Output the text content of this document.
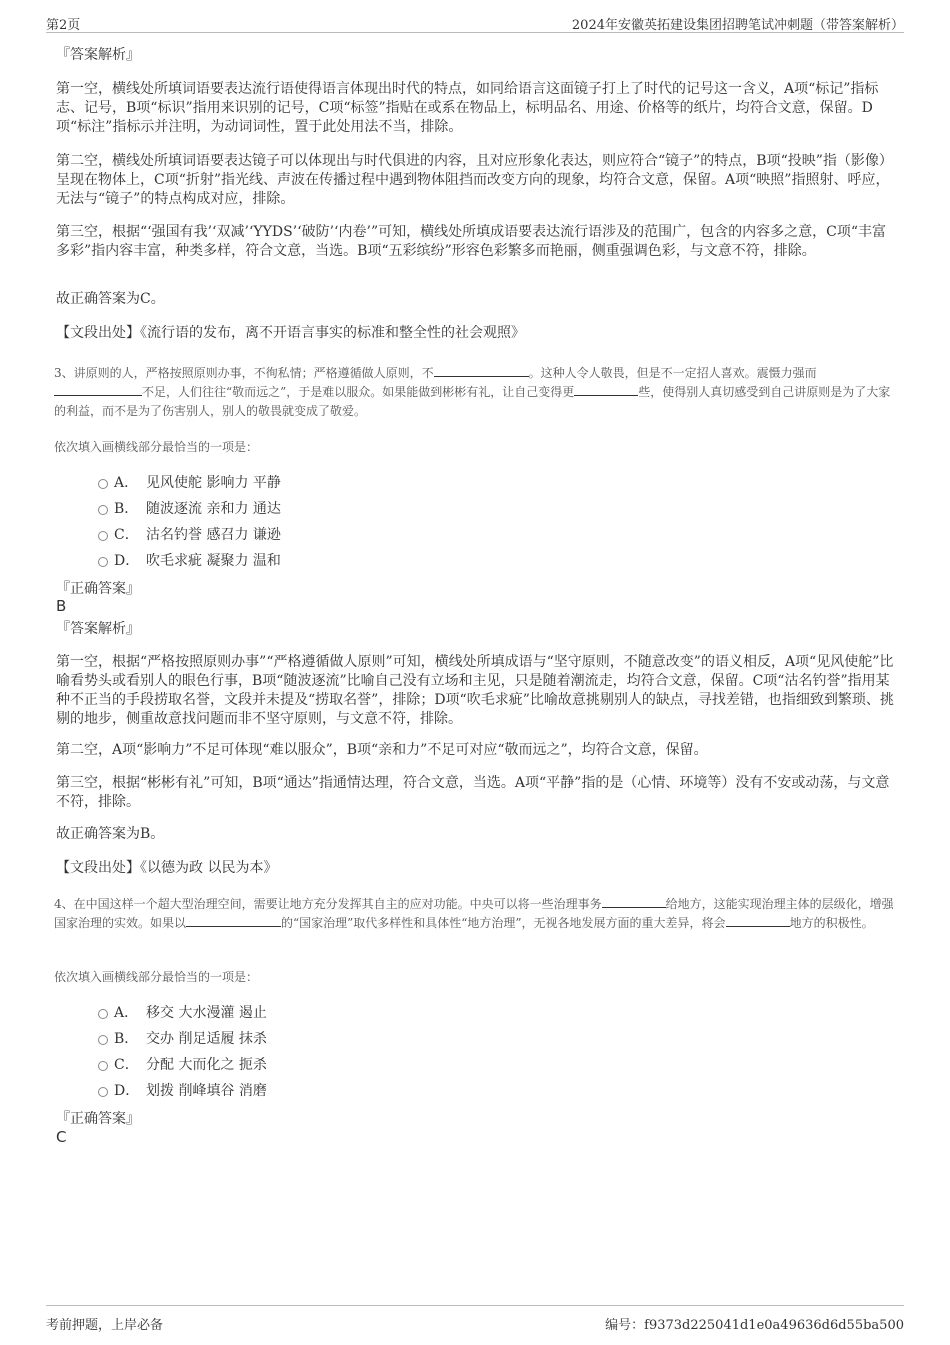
第2页	2024年安徽英拓建设集团招聘笔试冲刺题（带答案解析）
『答案解析』

第一空，横线处所填词语要表达流行语使得语言体现出时代的特点，如同给语言这面镜子打上了时代的记号这一含义，A项“标记”指标志、记号，B项“标识”指用来识别的记号，C项“标签”指贴在或系在物品上，标明品名、用途、价格等的纸片，均符合文意，保留。D项“标注”指标示并注明，为动词词性，置于此处用法不当，排除。

第二空，横线处所填词语要表达镜子可以体现出与时代俱进的内容，且对应形象化表达，则应符合“镜子”的特点，B项“投映”指（影像）呈现在物体上，C项“折射”指光线、声波在传播过程中遇到物体阻挡而改变方向的现象，均符合文意，保留。A项“映照”指照射、呼应，无法与“镜子”的特点构成对应，排除。

第三空，根据“‘强国有我’‘双减’‘YYDS’‘破防’‘内卷’”可知，横线处所填成语要表达流行语涉及的范围广，包含的内容多之意，C项“丰富多彩”指内容丰富，种类多样，符合文意，当选。B项“五彩缤纷”形容色彩繁多而艳丽，侧重强调色彩，与文意不符，排除。

故正确答案为C。

【文段出处】《流行语的发布，离不开语言事实的标准和整全性的社会观照》

3、讲原则的人，严格按照原则办事，不徇私情；严格遵循做人原则，不	。这种人令人敬畏，但是不一定招人喜欢。震慑力强而不足，人们往往“敬而远之”，于是难以服众。如果能做到彬彬有礼，让自己变得更	些，使得别人真切感受到自己讲原则是为了大家的利益，而不是为了伤害别人，别人的敬畏就变成了敬爱。
依次填入画横线部分最恰当的一项是：
A． 见风使舵 影响力 平静
B． 随波逐流 亲和力 通达
C． 沽名钓誉 感召力 谦逊
D． 吹毛求疵 凝聚力 温和
『正确答案』
B
『答案解析』

第一空，根据“严格按照原则办事”“严格遵循做人原则”可知，横线处所填成语与“坚守原则，不随意改变”的语义相反，A项“见风使舵”比喻看势头或看别人的眼色行事，B项“随波逐流”比喻自己没有立场和主见，只是随着潮流走，均符合文意，保留。C项“沽名钓誉”指用某种不正当的手段捞取名誉，文段并未提及“捞取名誉”，排除；D项“吹毛求疵”比喻故意挑剔别人的缺点，寻找差错，也指细致到繁琐、挑剔的地步，侧重故意找问题而非不坚守原则，与文意不符，排除。

第二空，A项“影响力”不足可体现“难以服众”，B项“亲和力”不足可对应“敬而远之”，均符合文意，保留。

第三空，根据“彬彬有礼”可知，B项“通达”指通情达理，符合文意，当选。A项“平静”指的是（心情、环境等）没有不安或动荡，与文意不符，排除。

故正确答案为B。

【文段出处】《以德为政 以民为本》

4、在中国这样一个超大型治理空间，需要让地方充分发挥其自主的应对功能。中央可以将一些治理事务	给地方，这能实现治理主体的层级化，增强国家治理的实效。如果以	的“国家治理”取代多样性和具体性“地方治理”，无视各地发展方面的重大差异，将会	地方的积极性。
依次填入画横线部分最恰当的一项是：
A． 移交 大水漫灌 遏止
B． 交办 削足适履 抹杀
C． 分配 大而化之 扼杀
D． 划拨 削峰填谷 消磨
『正确答案』
C
考前押题，上岸必备	编号：f9373d225041d1e0a49636d6d55ba500
